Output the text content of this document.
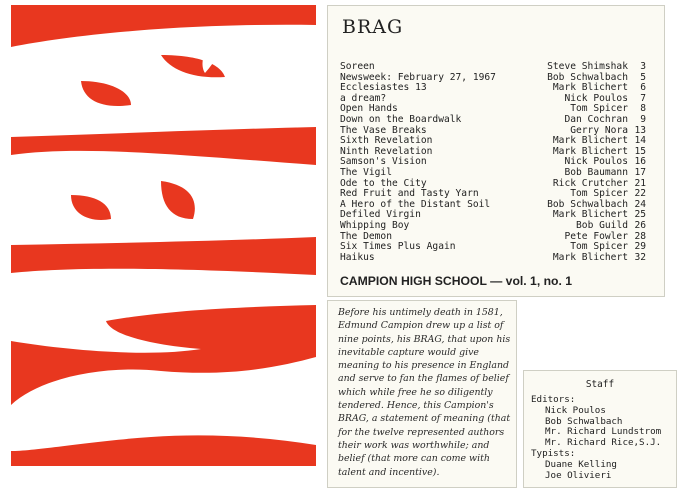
BRAG
Soreen	Steve Shimshak	3
Newsweek: February 27, 1967	Bob Schwalbach	5
Ecclesiastes 13	Mark Blichert	6
a dream?	Nick Poulos	7
Open Hands	Tom Spicer	8
Down on the Boardwalk	Dan Cochran	9
The Vase Breaks	Gerry Nora 13
Sixth Revelation	Mark Blichert 14
Ninth Revelation	Mark Blichert 15
Samson's Vision	Nick Poulos 16
The Vigil	Bob Baumann 17
Ode to the City	Rick Crutcher 21
Red Fruit and Tasty Yarn	Tom Spicer 22
A Hero of the Distant Soil	Bob Schwalbach 24
Defiled Virgin	Mark Blichert 25
Whipping Boy	Bob Guild 26
The Demon	Pete Fowler 28
Six Times Plus Again	Tom Spicer 29
Haikus	Mark Blichert 32
CAMPION HIGH SCHOOL — vol. 1, no. 1

Before his untimely death in 1581, Edmund Campion drew up a list of nine points, his BRAG, that upon his inevitable capture would give meaning to his presence in England and serve to fan the flames of belief which while free he so diligently tendered. Hence, this Campion's BRAG, a statement of meaning (that for the twelve represented authors their work was worthwhile; and belief (that more can come with talent and incentive).

Staff
Editors:
Nick Poulos
Bob Schwalbach
Mr. Richard Lundstrom
Mr. Richard Rice,S.J.
Typists:
Duane Kelling
Joe Olivieri
